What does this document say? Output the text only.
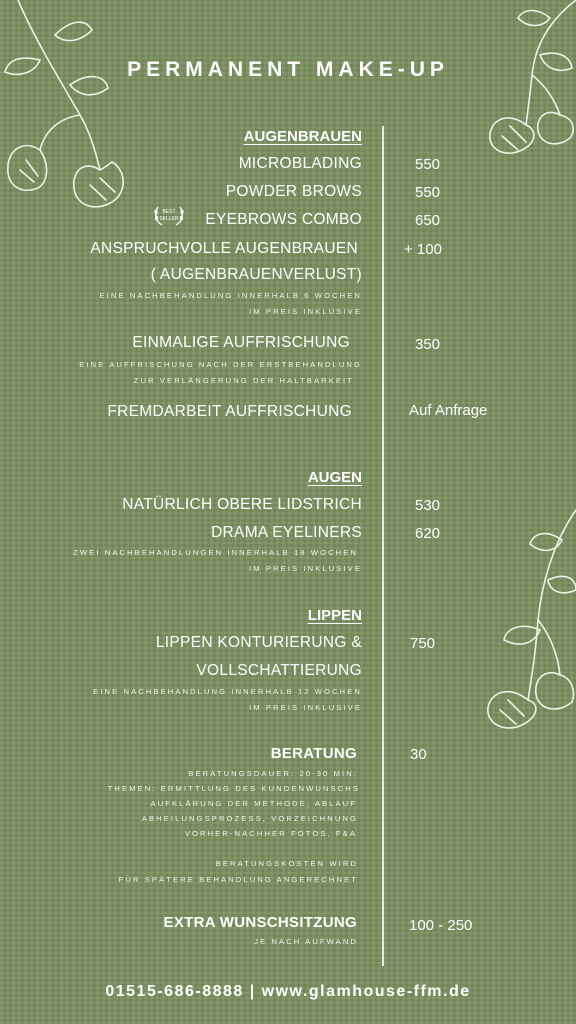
PERMANENT MAKE-UP
AUGENBRAUEN
MICROBLADING	550
POWDER BROWS	550
BEST
SELLER EYEBROWS COMBO	650
ANSPRUCHVOLLE AUGENBRAUEN	+ 100
( AUGENBRAUENVERLUST)
EINE NACHBEHANDLUNG INNERHALB 6 WOCHEN
IM PREIS INKLUSIVE
EINMALIGE AUFFRISCHUNG	350
EINE AUFFRISCHUNG NACH DER ERSTBEHANDLUNG
ZUR VERLÄNGERUNG DER HALTBARKEIT
FREMDARBEIT AUFFRISCHUNG	Auf Anfrage
AUGEN
NATÜRLICH OBERE LIDSTRICH	530
DRAMA EYELINERS	620
ZWEI NACHBEHANDLUNGEN INNERHALB 18 WOCHEN
IM PREIS INKLUSIVE
LIPPEN
LIPPEN KONTURIERUNG &	750
VOLLSCHATTIERUNG
EINE NACHBEHANDLUNG INNERHALB 12 WOCHEN
IM PREIS INKLUSIVE
BERATUNG	30
BERATUNGSDAUER: 20-30 MIN.
THEMEN: ERMITTLUNG DES KUNDENWUNSCHS
AUFKLÄRUNG DER METHODE, ABLAUF
ABHEILUNGSPROZESS, VORZEICHNUNG
VORHER-NACHHER FOTOS, F&A
BERATUNGSKOSTEN WIRD
FÜR SPÄTERE BEHANDLUNG ANGERECHNET
EXTRA WUNSCHSITZUNG	100 - 250
JE NACH AUFWAND
01515-686-8888 | www.glamhouse-ffm.de
